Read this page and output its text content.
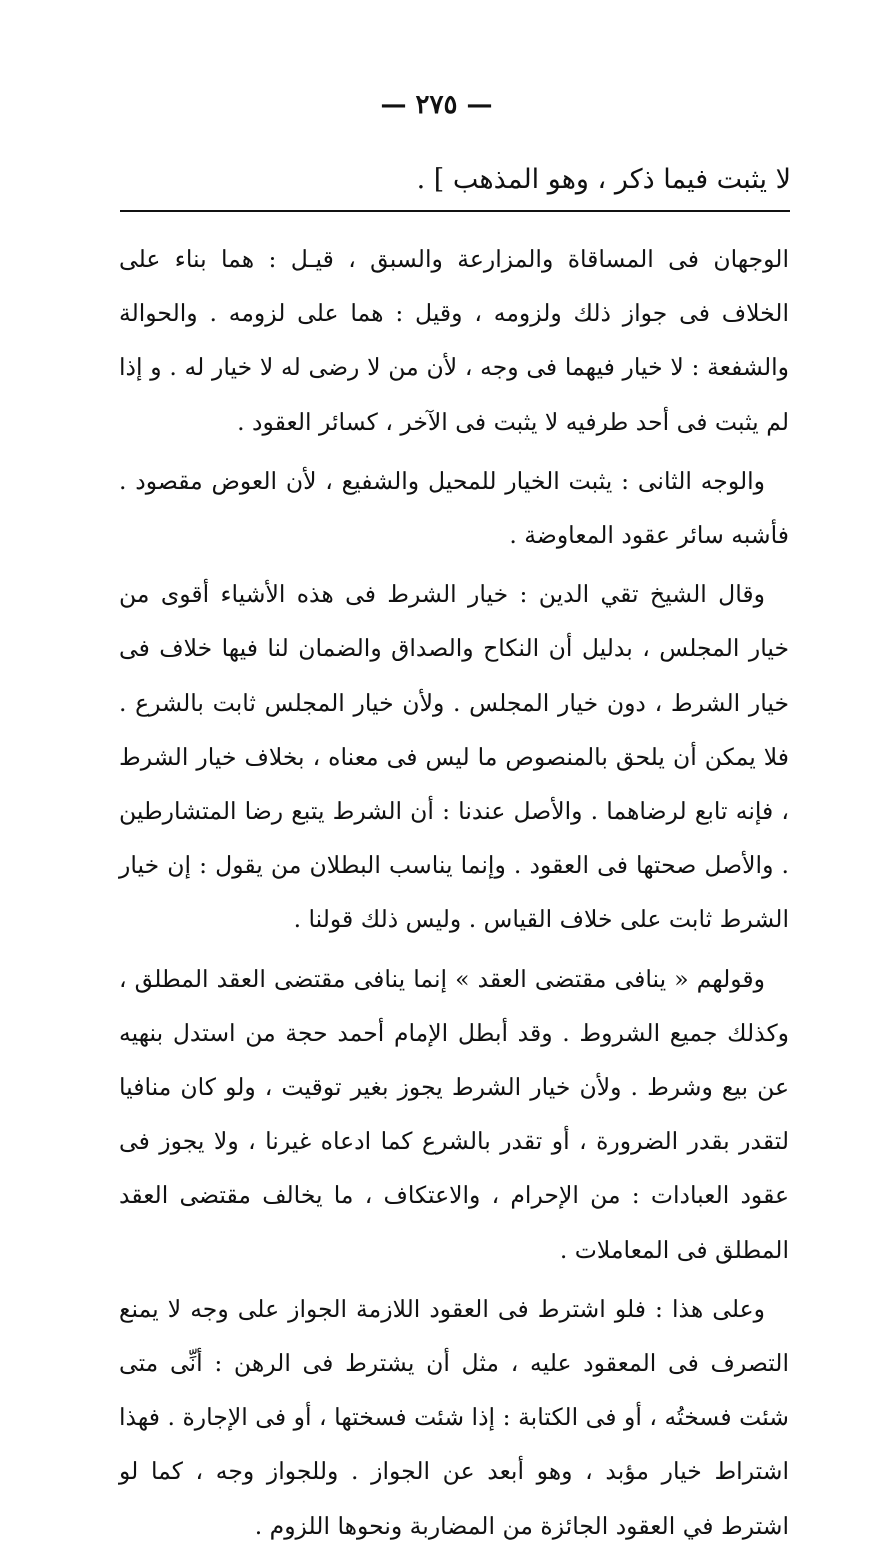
— ٢٧٥ —
لا يثبت فيما ذكر ، وهو المذهب ] .

الوجهان فى المساقاة والمزارعة والسبق ، قيـل : هما بناء على الخلاف فى جواز ذلك ولزومه ، وقيل : هما على لزومه . والحوالة والشفعة : لا خيار فيهما فى وجه ، لأن من لا رضى له لا خيار له . و إذا لم يثبت فى أحد طرفيه لا يثبت فى الآخر ، كسائر العقود .

والوجه الثانى : يثبت الخيار للمحيل والشفيع ، لأن العوض مقصود . فأشبه سائر عقود المعاوضة .

وقال الشيخ تقي الدين : خيار الشرط فى هذه الأشياء أقوى من خيار المجلس ، بدليل أن النكاح والصداق والضمان لنا فيها خلاف فى خيار الشرط ، دون خيار المجلس . ولأن خيار المجلس ثابت بالشرع . فلا يمكن أن يلحق بالمنصوص ما ليس فى معناه ، بخلاف خيار الشرط ، فإنه تابع لرضاهما . والأصل عندنا : أن الشرط يتبع رضا المتشارطين . والأصل صحتها فى العقود . وإنما يناسب البطلان من يقول : إن خيار الشرط ثابت على خلاف القياس . وليس ذلك قولنا .

وقولهم « ينافى مقتضى العقد » إنما ينافى مقتضى العقد المطلق ، وكذلك جميع الشروط . وقد أبطل الإمام أحمد حجة من استدل بنهيه عن بيع وشرط . ولأن خيار الشرط يجوز بغير توقيت ، ولو كان منافيا لتقدر بقدر الضرورة ، أو تقدر بالشرع كما ادعاه غيرنا ، ولا يجوز فى عقود العبادات : من الإحرام ، والاعتكاف ، ما يخالف مقتضى العقد المطلق فى المعاملات .

وعلى هذا : فلو اشترط فى العقود اللازمة الجواز على وجه لا يمنع التصرف فى المعقود عليه ، مثل أن يشترط فى الرهن : أنِّى متى شئت فسختُه ، أو فى الكتابة : إذا شئت فسختها ، أو فى الإجارة . فهذا اشتراط خيار مؤبد ، وهو أبعد عن الجواز . وللجواز وجه ، كما لو اشترط في العقود الجائزة من المضاربة ونحوها اللزوم .
